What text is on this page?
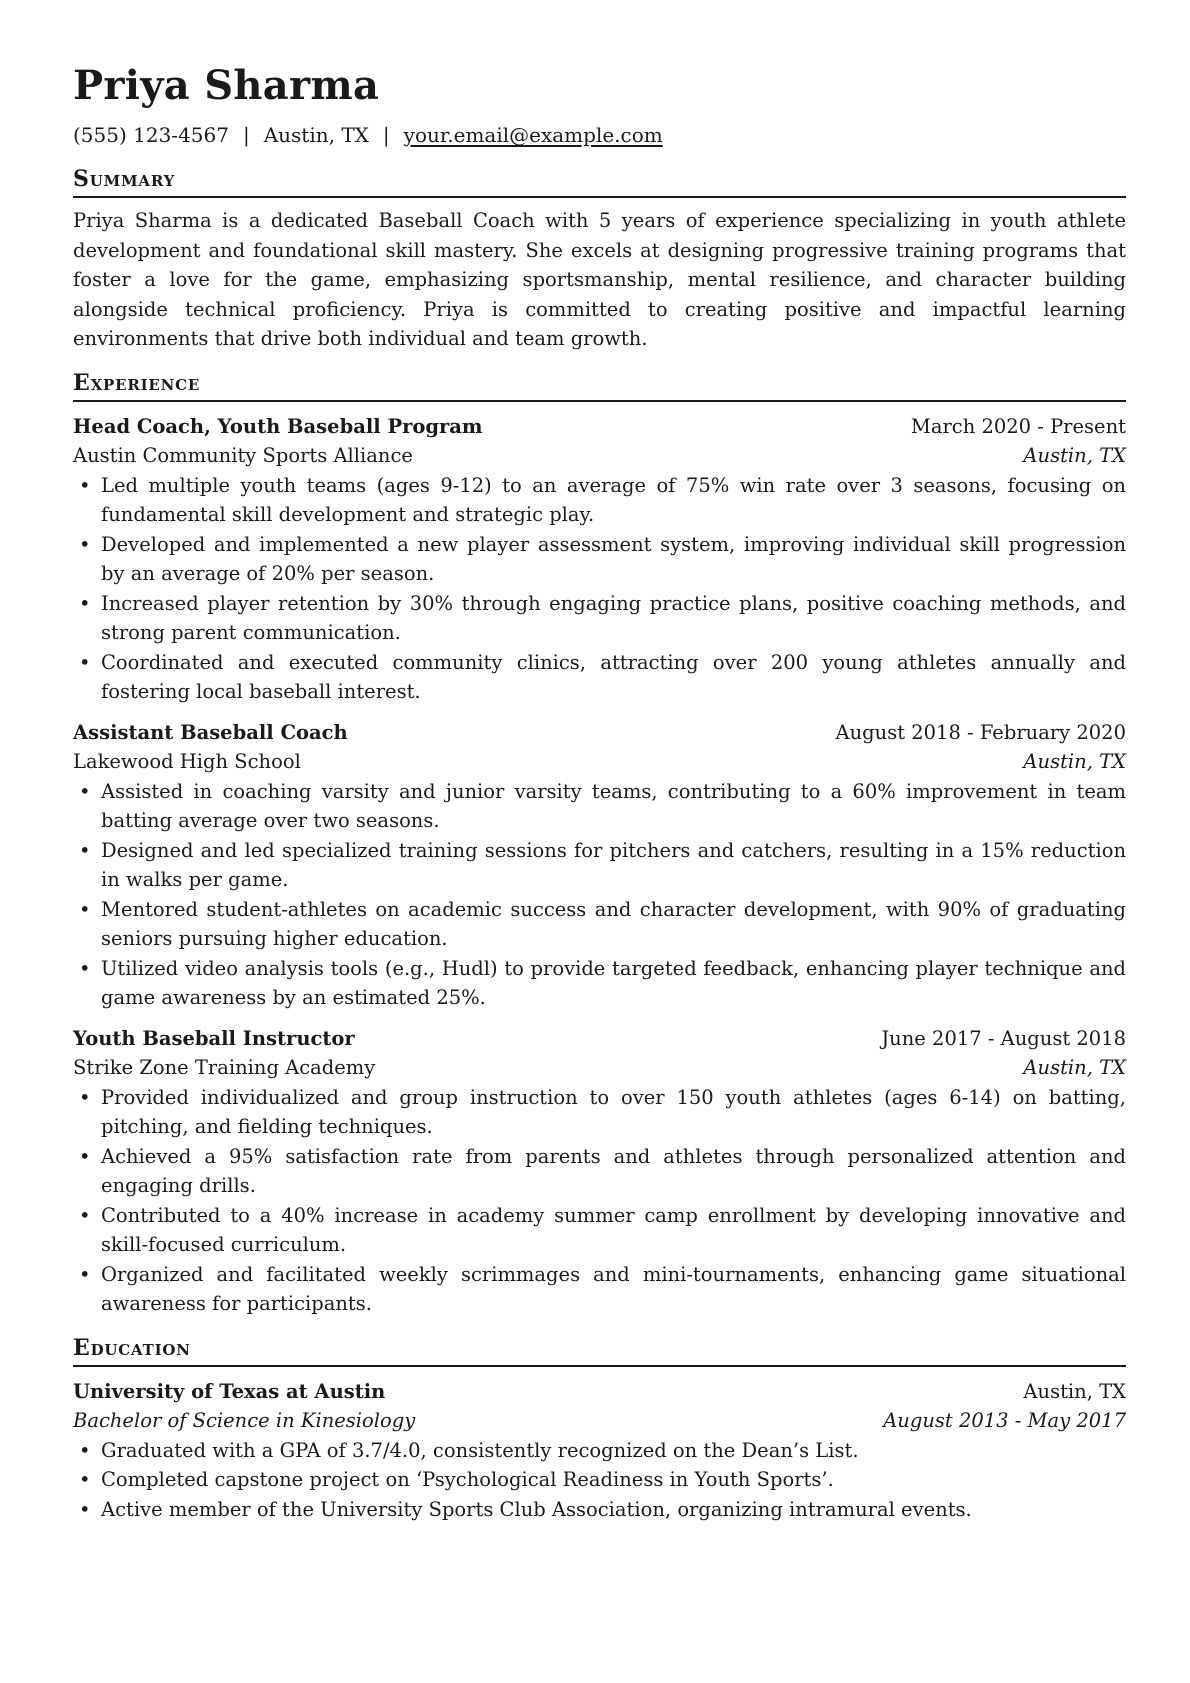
Priya Sharma
(555) 123-4567 | Austin, TX | your.email@example.com
Summary
Priya Sharma is a dedicated Baseball Coach with 5 years of experience specializing in youth athlete development and foundational skill mastery. She excels at designing progressive training programs that foster a love for the game, emphasizing sportsmanship, mental resilience, and character building alongside technical proficiency. Priya is committed to creating positive and impactful learning environments that drive both individual and team growth.
Experience
Head Coach, Youth Baseball Program	March 2020 - Present
Austin Community Sports Alliance	Austin, TX
• Led multiple youth teams (ages 9-12) to an average of 75% win rate over 3 seasons, focusing on fundamental skill development and strategic play.
• Developed and implemented a new player assessment system, improving individual skill progression by an average of 20% per season.
• Increased player retention by 30% through engaging practice plans, positive coaching methods, and strong parent communication.
• Coordinated and executed community clinics, attracting over 200 young athletes annually and fostering local baseball interest.
Assistant Baseball Coach	August 2018 - February 2020
Lakewood High School	Austin, TX
• Assisted in coaching varsity and junior varsity teams, contributing to a 60% improvement in team batting average over two seasons.
• Designed and led specialized training sessions for pitchers and catchers, resulting in a 15% reduction in walks per game.
• Mentored student-athletes on academic success and character development, with 90% of graduating seniors pursuing higher education.
• Utilized video analysis tools (e.g., Hudl) to provide targeted feedback, enhancing player technique and game awareness by an estimated 25%.
Youth Baseball Instructor	June 2017 - August 2018
Strike Zone Training Academy	Austin, TX
• Provided individualized and group instruction to over 150 youth athletes (ages 6-14) on batting, pitching, and fielding techniques.
• Achieved a 95% satisfaction rate from parents and athletes through personalized attention and engaging drills.
• Contributed to a 40% increase in academy summer camp enrollment by developing innovative and skill-focused curriculum.
• Organized and facilitated weekly scrimmages and mini-tournaments, enhancing game situational awareness for participants.
Education
University of Texas at Austin	Austin, TX
Bachelor of Science in Kinesiology	August 2013 - May 2017
• Graduated with a GPA of 3.7/4.0, consistently recognized on the Dean’s List.
• Completed capstone project on ‘Psychological Readiness in Youth Sports’.
• Active member of the University Sports Club Association, organizing intramural events.
